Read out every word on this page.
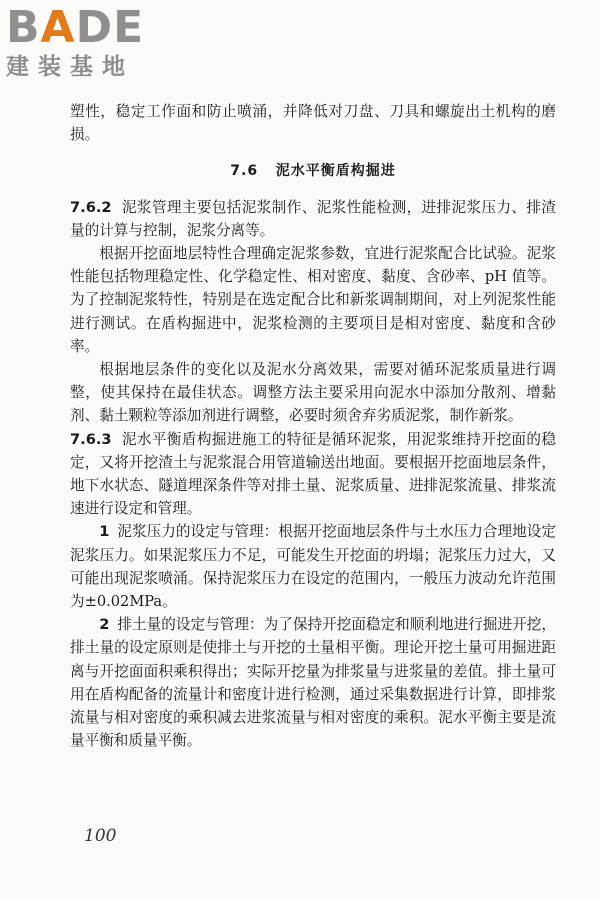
BADE
建装基地

塑性，稳定工作面和防止喷涌，并降低对刀盘、刀具和螺旋出土机构的磨损。

7.6 泥水平衡盾构掘进

7.6.2 泥浆管理主要包括泥浆制作、泥浆性能检测，进排泥浆压力、排渣量的计算与控制，泥浆分离等。

根据开挖面地层特性合理确定泥浆参数，宜进行泥浆配合比试验。泥浆性能包括物理稳定性、化学稳定性、相对密度、黏度、含砂率、pH 值等。为了控制泥浆特性，特别是在选定配合比和新浆调制期间，对上列泥浆性能进行测试。在盾构掘进中，泥浆检测的主要项目是相对密度、黏度和含砂率。

根据地层条件的变化以及泥水分离效果，需要对循环泥浆质量进行调整，使其保持在最佳状态。调整方法主要采用向泥水中添加分散剂、增黏剂、黏土颗粒等添加剂进行调整，必要时须舍弃劣质泥浆，制作新浆。

7.6.3 泥水平衡盾构掘进施工的特征是循环泥浆，用泥浆维持开挖面的稳定，又将开挖渣土与泥浆混合用管道输送出地面。要根据开挖面地层条件，地下水状态、隧道埋深条件等对排土量、泥浆质量、进排泥浆流量、排浆流速进行设定和管理。

1 泥浆压力的设定与管理：根据开挖面地层条件与土水压力合理地设定泥浆压力。如果泥浆压力不足，可能发生开挖面的坍塌；泥浆压力过大，又可能出现泥浆喷涌。保持泥浆压力在设定的范围内，一般压力波动允许范围为±0.02MPa。

2 排土量的设定与管理：为了保持开挖面稳定和顺利地进行掘进开挖，排土量的设定原则是使排土与开挖的土量相平衡。理论开挖土量可用掘进距离与开挖面面积乘积得出；实际开挖量为排浆量与进浆量的差值。排土量可用在盾构配备的流量计和密度计进行检测，通过采集数据进行计算，即排浆流量与相对密度的乘积减去进浆流量与相对密度的乘积。泥水平衡主要是流量平衡和质量平衡。

100
